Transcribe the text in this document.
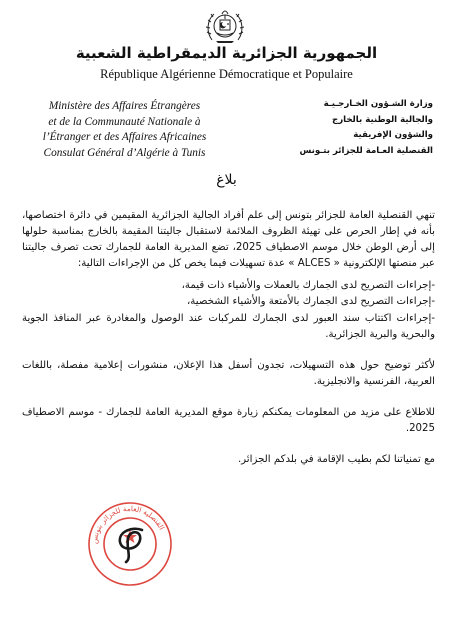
الجمهورية الجزائرية الديمقراطية الشعبية
République Algérienne Démocratique et Populaire
Ministère des Affaires Étrangères
et de la Communauté Nationale à
l’Étranger et des Affaires Africaines
Consulat Général d’Algérie à Tunis
وزارة الشـؤون الخـارجـيـة
والجالية الوطنية بالخارج
والشؤون الإفريقية
القنصلية العـامة للجزائر بتـونس
بلاغ

تنهي القنصلية العامة للجزائر بتونس إلى علم أفراد الجالية الجزائرية المقيمين في دائرة اختصاصها، بأنه في إطار الحرص على تهيئة الظروف الملائمة لاستقبال جاليتنا المقيمة بالخارج بمناسبة حلولها إلى أرض الوطن خلال موسم الاصطياف 2025، تضع المديرية العامة للجمارك تحت تصرف جاليتنا عبر منصتها الإلكترونية « ALCES » عدة تسهيلات فيما يخص كل من الإجراءات التالية:

-إجراءات التصريح لدى الجمارك بالعملات والأشياء ذات قيمة،

-إجراءات التصريح لدى الجمارك بالأمتعة والأشياء الشخصية،

-إجراءات اكتتاب سند العبور لدى الجمارك للمركبات عند الوصول والمغادرة عبر المنافذ الجوية والبحرية والبرية الجزائرية.

لأكثر توضيح حول هذه التسهيلات، تجدون أسفل هذا الإعلان، منشورات إعلامية مفصلة، باللغات العربية، الفرنسية والانجليزية.

للاطلاع على مزيد من المعلومات يمكنكم زيارة موقع المديرية العامة للجمارك - موسم الاصطياف 2025.

مع تمنياتنا لكم بطيب الإقامة في بلدكم الجزائر.

القنصلية العامة للجزائر بتونس
